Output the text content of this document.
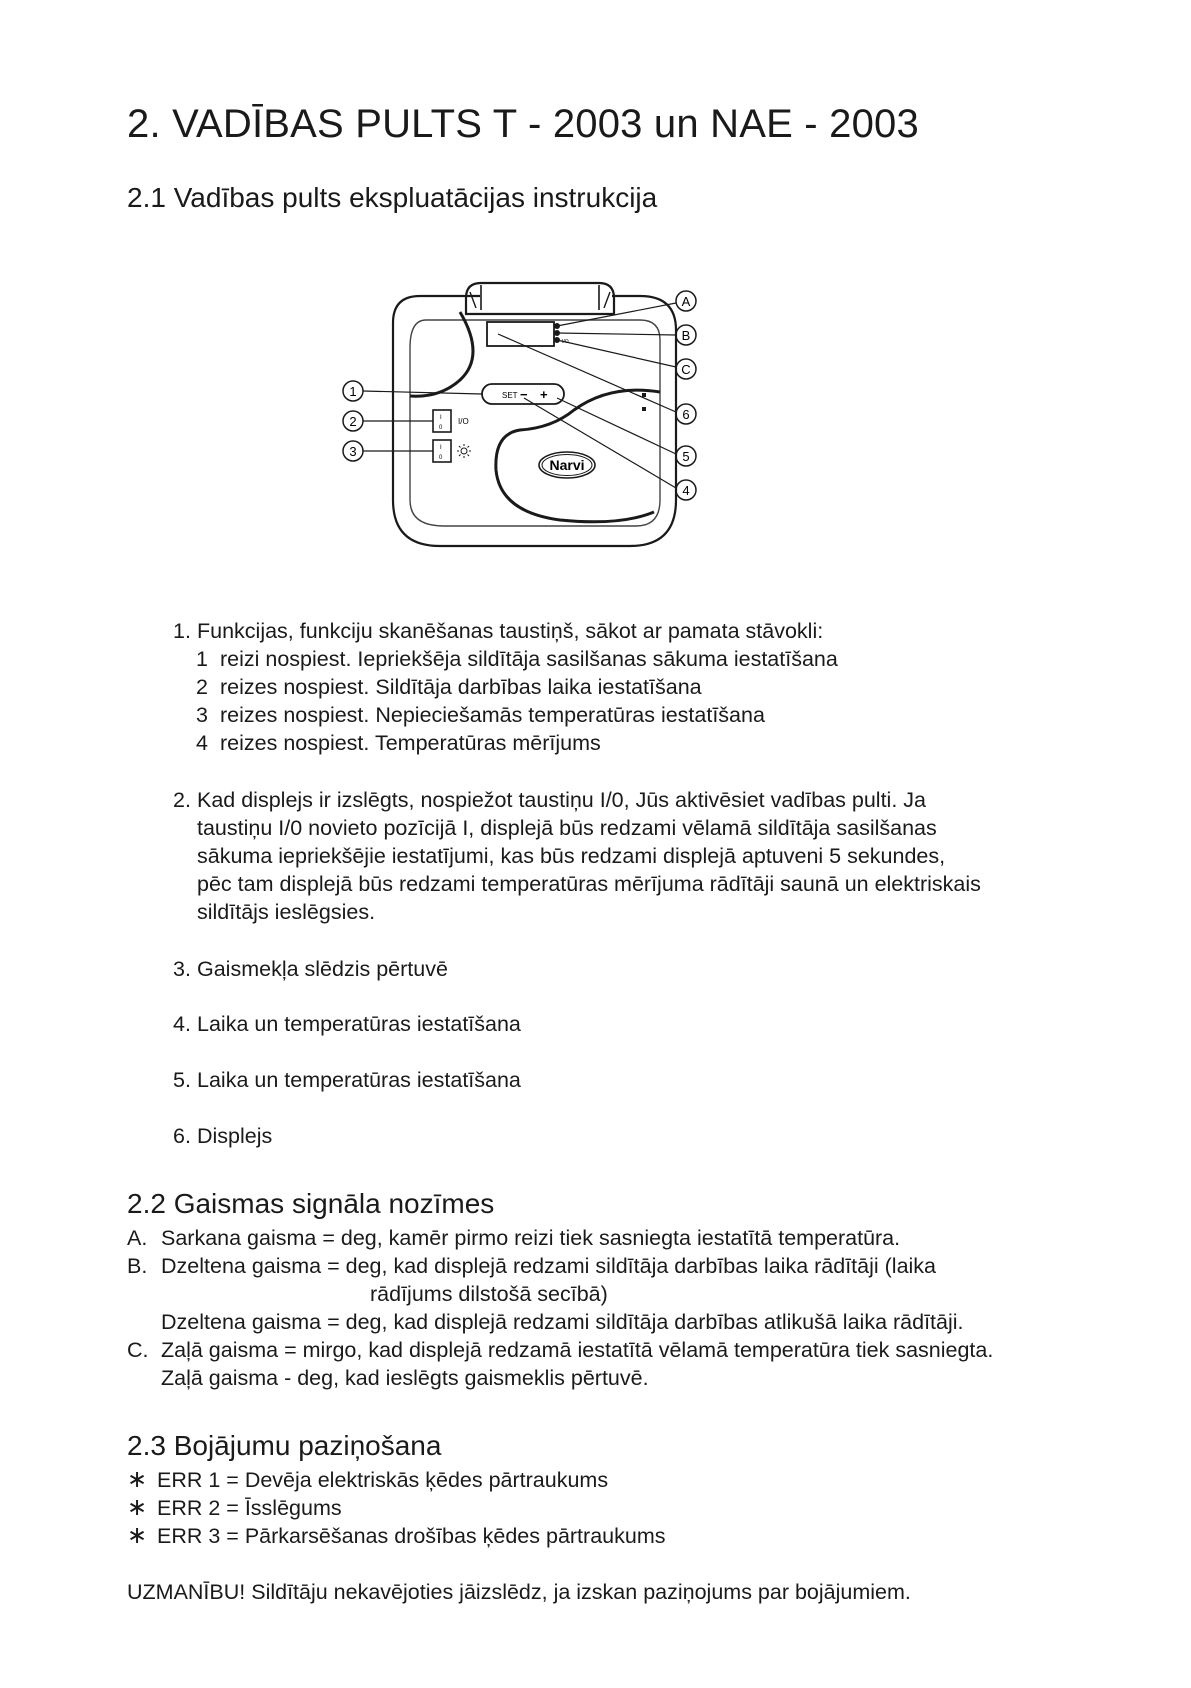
2. VADĪBAS PULTS T - 2003 un NAE - 2003
2.1 Vadības pults ekspluatācijas instrukcija
I/O
SET − +
I
0
I
0
I/O
Narvi
A
B
C
6
5
4
1
2
3
1. Funkcijas, funkciju skanēšanas taustiņš, sākot ar pamata stāvokli:
1 reizi nospiest. Iepriekšēja sildītāja sasilšanas sākuma iestatīšana
2 reizes nospiest. Sildītāja darbības laika iestatīšana
3 reizes nospiest. Nepieciešamās temperatūras iestatīšana
4 reizes nospiest. Temperatūras mērījums
2. Kad displejs ir izslēgts, nospiežot taustiņu I/0, Jūs aktivēsiet vadības pulti. Ja
taustiņu I/0 novieto pozīcijā I, displejā būs redzami vēlamā sildītāja sasilšanas
sākuma iepriekšējie iestatījumi, kas būs redzami displejā aptuveni 5 sekundes,
pēc tam displejā būs redzami temperatūras mērījuma rādītāji saunā un elektriskais
sildītājs ieslēgsies.
3. Gaismekļa slēdzis pērtuvē
4. Laika un temperatūras iestatīšana
5. Laika un temperatūras iestatīšana
6. Displejs
2.2 Gaismas signāla nozīmes
A. Sarkana gaisma = deg, kamēr pirmo reizi tiek sasniegta iestatītā temperatūra.
B. Dzeltena gaisma = deg, kad displejā redzami sildītāja darbības laika rādītāji (laika
rādījums dilstošā secībā)
Dzeltena gaisma = deg, kad displejā redzami sildītāja darbības atlikušā laika rādītāji.
C. Zaļā gaisma = mirgo, kad displejā redzamā iestatītā vēlamā temperatūra tiek sasniegta.
Zaļā gaisma - deg, kad ieslēgts gaismeklis pērtuvē.
2.3 Bojājumu paziņošana
∗ ERR 1 = Devēja elektriskās ķēdes pārtraukums
∗ ERR 2 = Īsslēgums
∗ ERR 3 = Pārkarsēšanas drošības ķēdes pārtraukums
UZMANĪBU! Sildītāju nekavējoties jāizslēdz, ja izskan paziņojums par bojājumiem.
